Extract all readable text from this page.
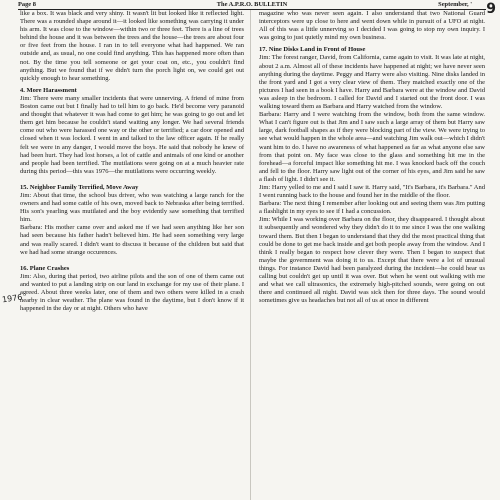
Page 8	The A.P.R.O. BULLETIN	September, ' 9

like a box. It was black and very shiny. It wasn't lit but looked like it reflected light. There was a rounded shape around it—it looked like something was carrying it under his arm. It was close to the window—within two or three feet. There is a line of trees behind the house and it was between the trees and the house—the trees are about four or five feet from the house. I ran in to tell everyone what had happened. We ran outside and, as usual, no one could find anything. This has happened more often than not. By the time you tell someone or get your coat on, etc., you couldn't find anything. But we found that if we didn't turn the porch light on, we could get out quickly enough to hear something.

4. More Harassment

Jim: There were many smaller incidents that were unnerving. A friend of mine from Boston came out but I finally had to tell him to go back. He'd become very paranoid and thought that whatever it was had come to get him; he was going to go out and let them get him because he couldn't stand waiting any longer. We had several friends come out who were harassed one way or the other or terrified; a car door opened and closed when it was locked. I went in and talked to the law officer again. If he really felt we were in any danger, I would move the boys. He said that nobody he knew of had been hurt. They had lost horses, a lot of cattle and animals of one kind or another and people had been terrified. The mutilations were going on at a much heavier rate during this period—this was 1976—the mutilations were occurring weekly.

15. Neighbor Family Terrified, Move Away

Jim: About that time, the school bus driver, who was watching a large ranch for the owners and had some cattle of his own, moved back to Nebraska after being terrified. His son's yearling was mutilated and the boy evidently saw something that terrified him.

Barbara: His mother came over and asked me if we had seen anything like her son had seen because his father hadn't believed him. He had seen something very large and was really scared. I didn't want to discuss it because of the children but said that we had had some strange occurences.

16. Plane Crashes

Jim: Also, during that period, two airline pilots and the son of one of them came out and wanted to put a landing strip on our land in exchange for my use of their plane. I agreed. About three weeks later, one of them and two others were killed in a crash nearby in clear weather. The plane was found in the daytime, but I don't know if it happened in the day or at night. Others who have

1976

magazine who was never seen again. I also understand that two National Guard interceptors were up close to here and went down while in pursuit of a UFO at night. All of this was a little unnerving so I decided I was going to stop my own inquiry. I was going to just quietly mind my own business.

17. Nine Disks Land in Front of House

Jim: The forest ranger, David, from California, came again to visit. It was late at night, about 2 a.m. Almost all of these incidents have happened at night; we have never seen anything during the daytime. Peggy and Harry were also visiting. Nine disks landed in the front yard and I got a very clear view of them. They matched exactly one of the pictures I had seen in a book I have. Harry and Barbara were at the window and David was asleep in the bedroom. I called for David and I started out the front door. I was walking toward them as Barbara and Harry watched from the window.

Barbara: Harry and I were watching from the window, both from the same window. What I can't figure out is that Jim and I saw such a large array of them but Harry saw large, dark football shapes as if they were blocking part of the view. We were trying to see what would happen in the whole area—and watching Jim walk out—which I didn't want him to do. I have no awareness of what happened as far as what anyone else saw from that point on. My face was close to the glass and something hit me in the forehead—a forceful impact like something hit me. I was knocked back off the couch and fell to the floor. Harry saw light out of the corner of his eyes, and Jim said he saw a flash of light. I didn't see it.

Jim: Harry yelled to me and I said I saw it. Harry said, "It's Barbara, it's Barbara." And I went running back to the house and found her in the middle of the floor.

Barbara: The next thing I remember after looking out and seeing them was Jim putting a flashlight in my eyes to see if I had a concussion.

Jim: While I was working over Barbara on the floor, they disappeared. I thought about it subsequently and wondered why they didn't do it to me since I was the one walking toward them. But then I began to understand that they did the most practical thing that could be done to get me back inside and get both people away from the window. And I think I really began to respect how clever they were. Then I began to suspect that maybe the government was doing it to us. Except that there were a lot of unusual things. For instance David had been paralyzed during the incident—he could hear us calling but couldn't get up until it was over. But when he went out walking with me and what we call ultrasonics, the extremely high-pitched sounds, were going on out there and continued all night. David was sick then for three days. The sound would sometimes give us headaches but not all of us at once in different
